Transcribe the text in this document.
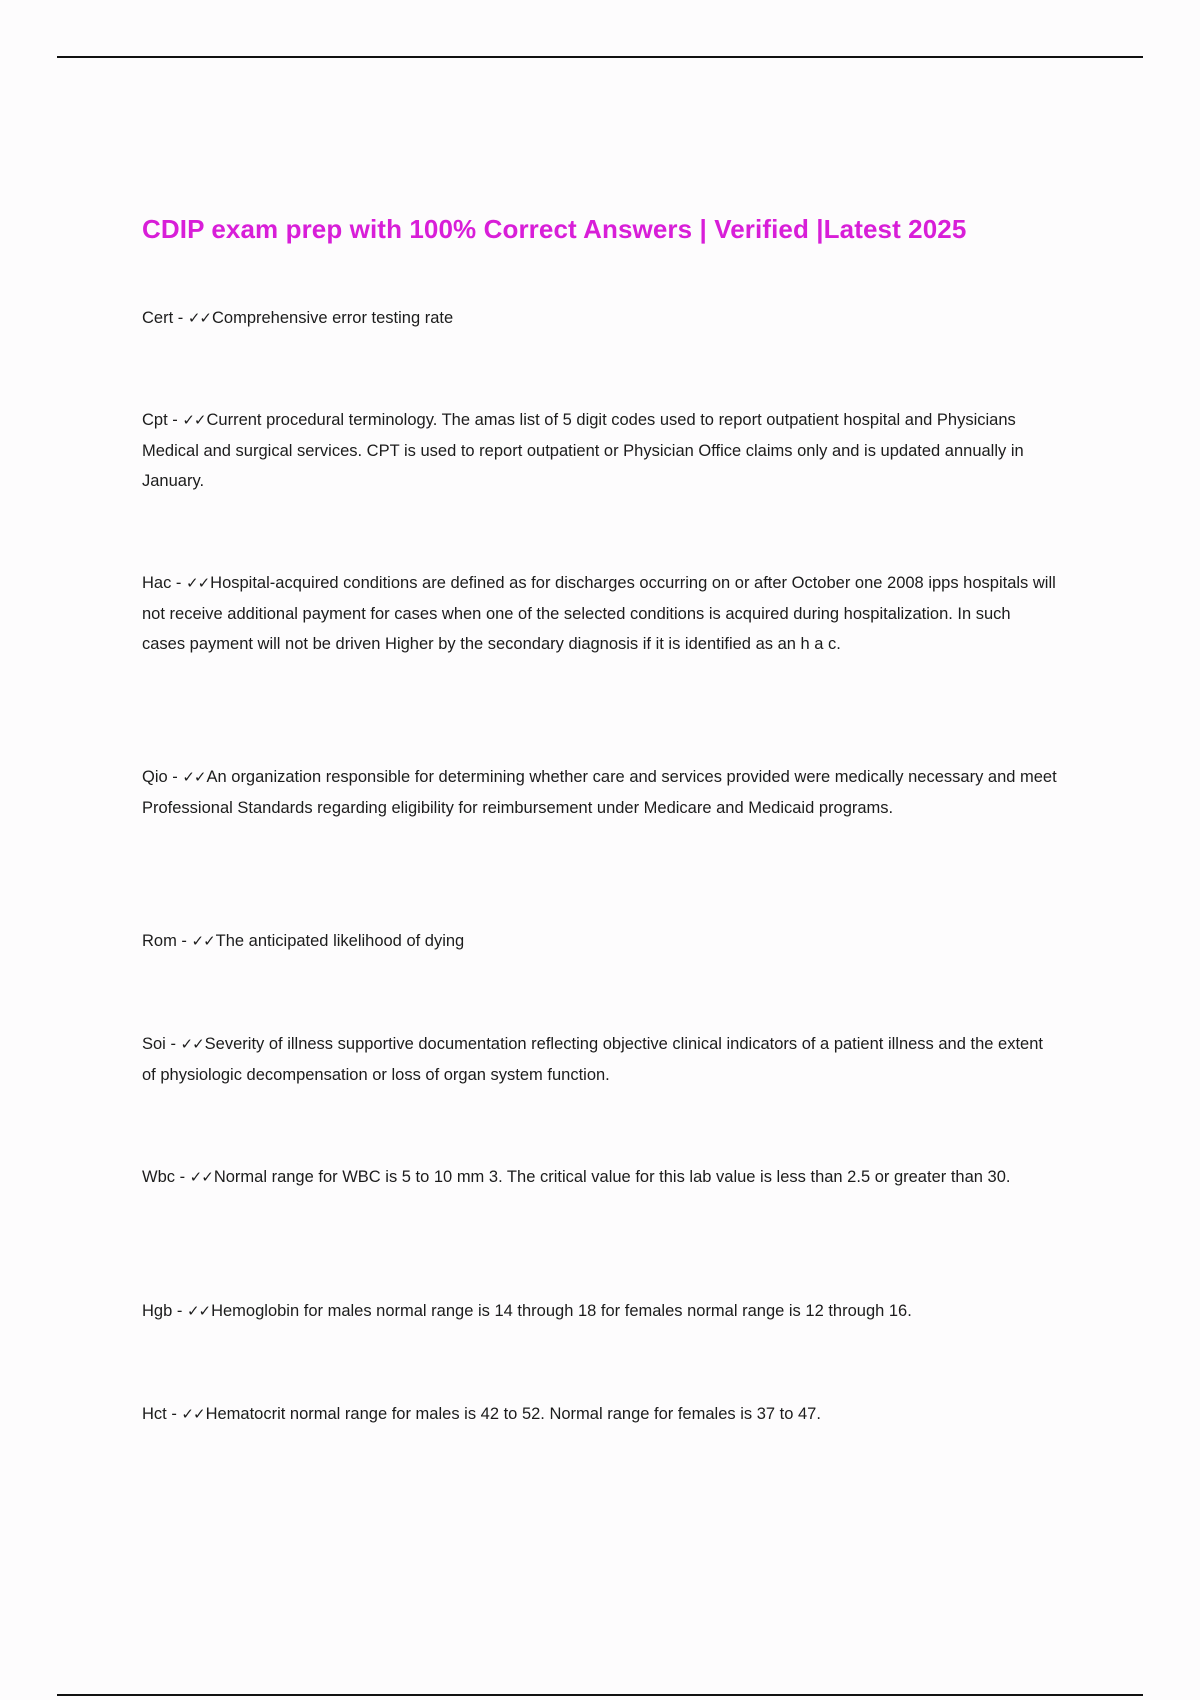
CDIP exam prep with 100% Correct Answers | Verified |Latest 2025

Cert - ✓✓Comprehensive error testing rate

Cpt - ✓✓Current procedural terminology. The amas list of 5 digit codes used to report outpatient hospital and Physicians Medical and surgical services. CPT is used to report outpatient or Physician Office claims only and is updated annually in January.

Hac - ✓✓Hospital-acquired conditions are defined as for discharges occurring on or after October one 2008 ipps hospitals will not receive additional payment for cases when one of the selected conditions is acquired during hospitalization. In such cases payment will not be driven Higher by the secondary diagnosis if it is identified as an h a c.

Qio - ✓✓An organization responsible for determining whether care and services provided were medically necessary and meet Professional Standards regarding eligibility for reimbursement under Medicare and Medicaid programs.

Rom - ✓✓The anticipated likelihood of dying

Soi - ✓✓Severity of illness supportive documentation reflecting objective clinical indicators of a patient illness and the extent of physiologic decompensation or loss of organ system function.

Wbc - ✓✓Normal range for WBC is 5 to 10 mm 3. The critical value for this lab value is less than 2.5 or greater than 30.

Hgb - ✓✓Hemoglobin for males normal range is 14 through 18 for females normal range is 12 through 16.

Hct - ✓✓Hematocrit normal range for males is 42 to 52. Normal range for females is 37 to 47.
